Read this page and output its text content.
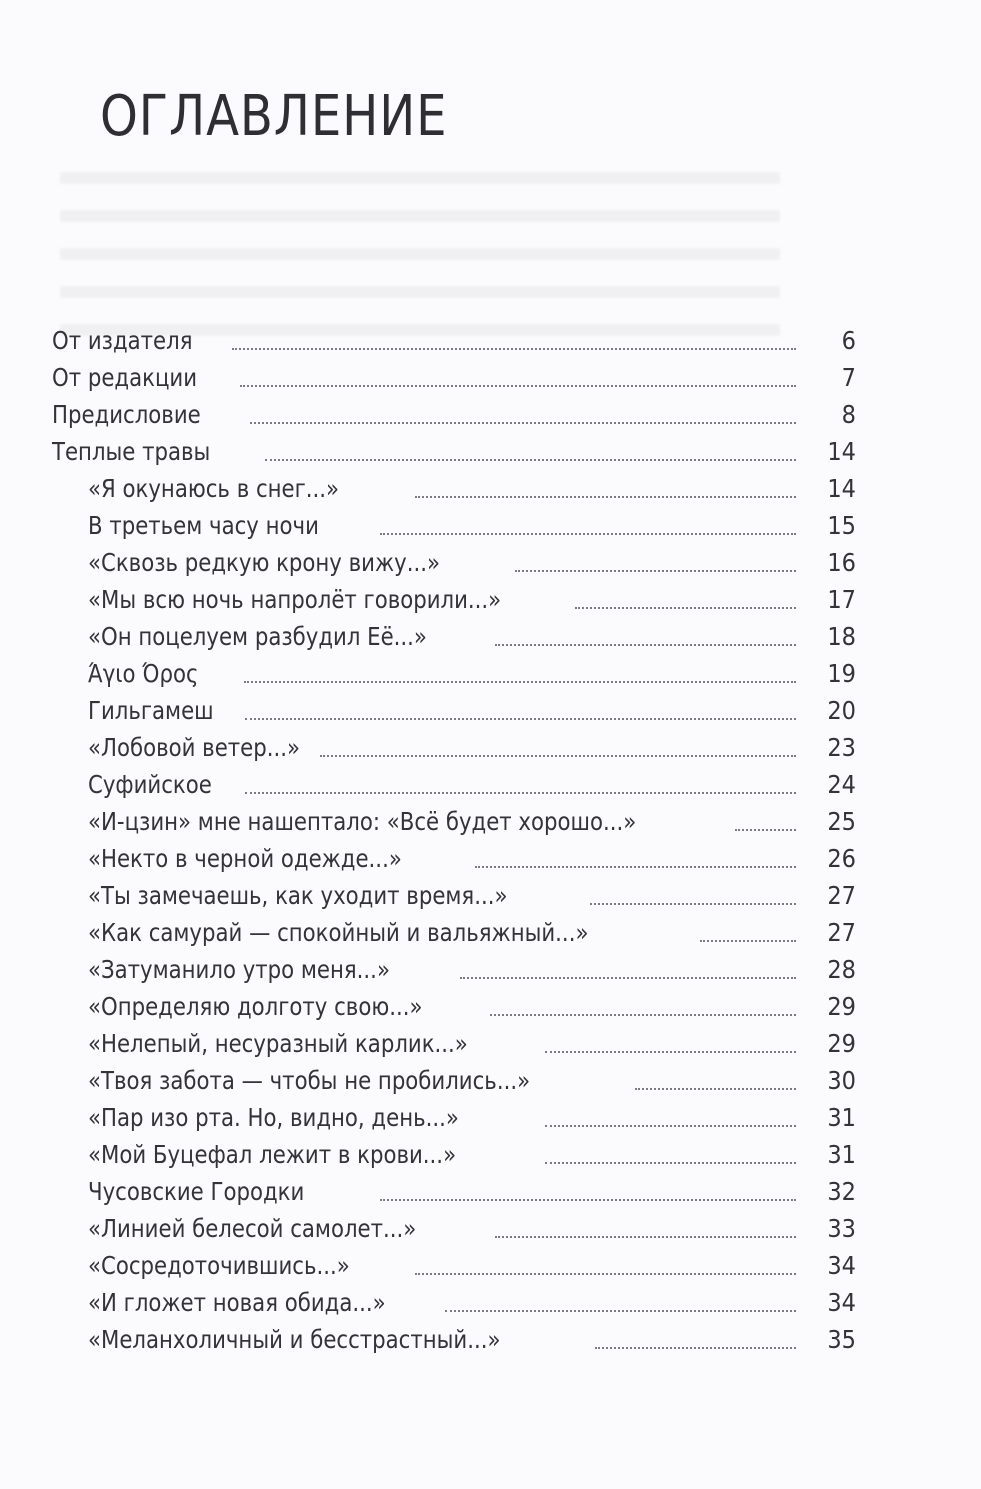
ОГЛАВЛЕНИЕ
От издателя	6
От редакции	7
Предисловие	8
Теплые травы	14
«Я окунаюсь в снег...»	14
В третьем часу ночи	15
«Сквозь редкую крону вижу...»	16
«Мы всю ночь напролёт говорили...»	17
«Он поцелуем разбудил Её...»	18
Άγιο Όρος	19
Гильгамеш	20
«Лобовой ветер...»	23
Суфийское	24
«И-цзин» мне нашептало: «Всё будет хорошо...»	25
«Некто в черной одежде...»	26
«Ты замечаешь, как уходит время...»	27
«Как самурай — спокойный и вальяжный...»	27
«Затуманило утро меня...»	28
«Определяю долготу свою...»	29
«Нелепый, несуразный карлик...»	29
«Твоя забота — чтобы не пробились...»	30
«Пар изо рта. Но, видно, день...»	31
«Мой Буцефал лежит в крови...»	31
Чусовские Городки	32
«Линией белесой самолет...»	33
«Сосредоточившись...»	34
«И гложет новая обида...»	34
«Меланхоличный и бесстрастный...»	35
